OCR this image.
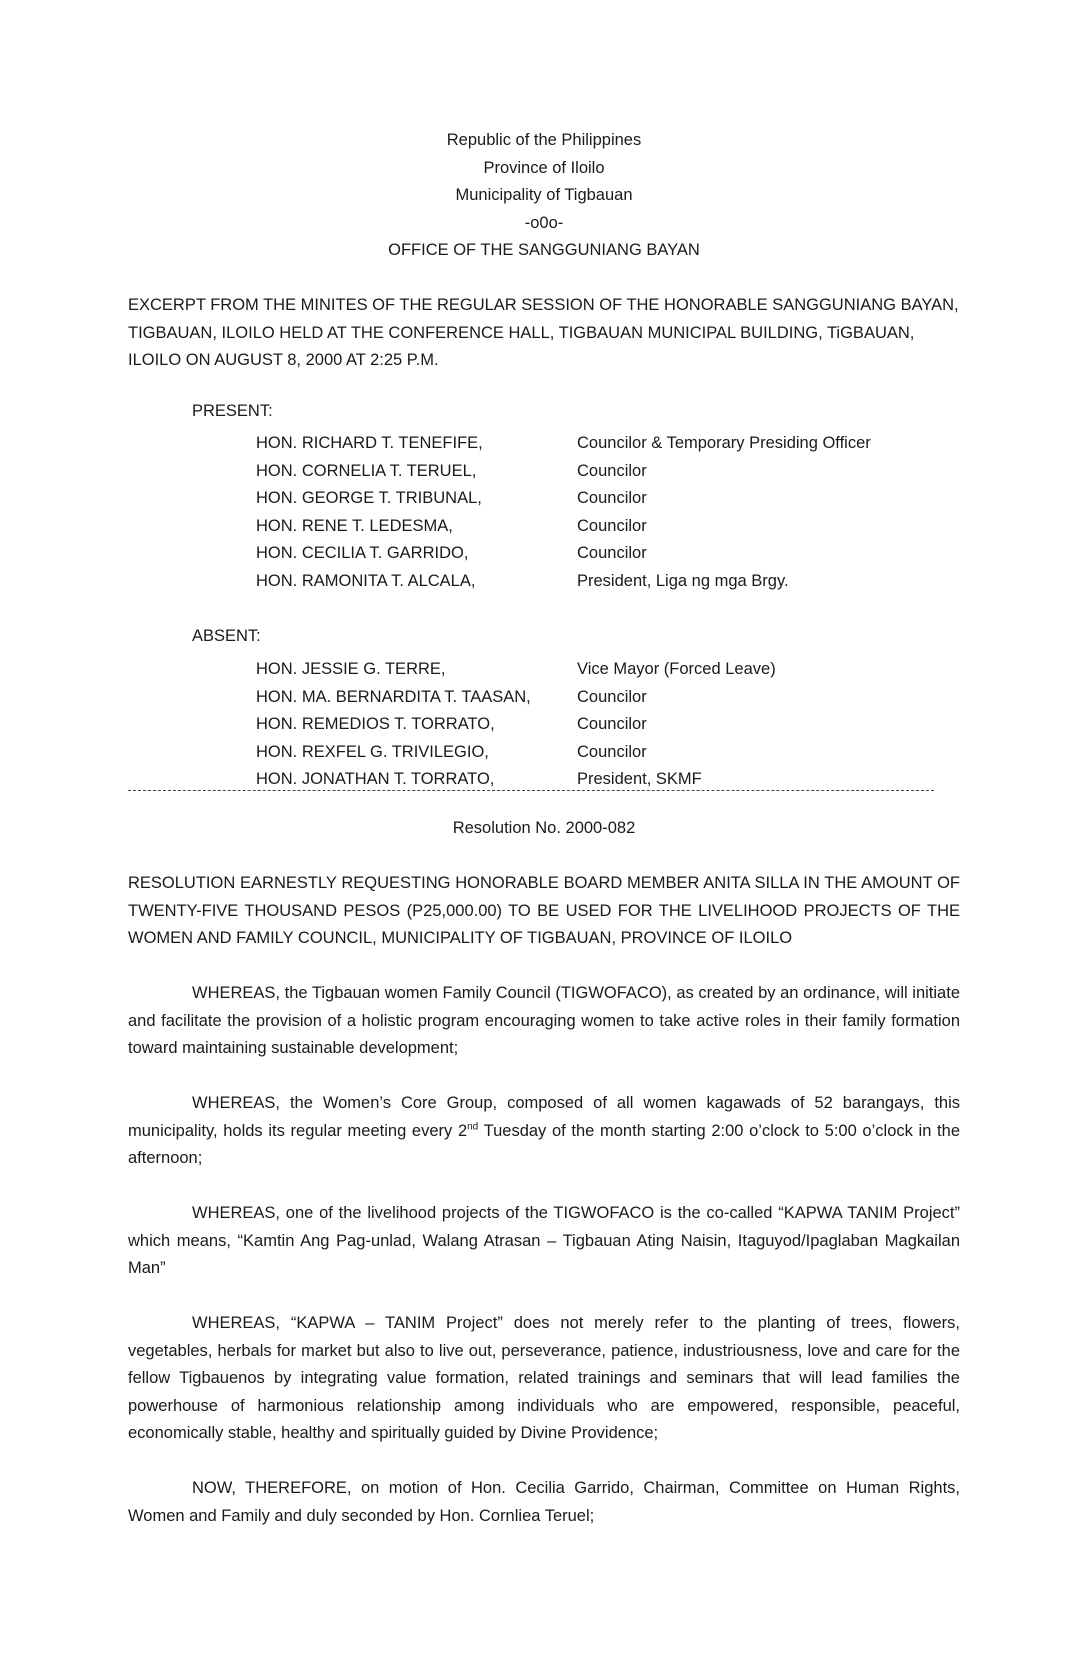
Republic of the Philippines
Province of Iloilo
Municipality of Tigbauan
-o0o-
OFFICE OF THE SANGGUNIANG BAYAN
EXCERPT FROM THE MINITES OF THE REGULAR SESSION OF THE HONORABLE SANGGUNIANG BAYAN, TIGBAUAN, ILOILO HELD AT THE CONFERENCE HALL, TIGBAUAN MUNICIPAL BUILDING, TiGBAUAN, ILOILO ON AUGUST 8, 2000 AT 2:25 P.M.
PRESENT:
HON. RICHARD T. TENEFIFE,	Councilor & Temporary Presiding Officer
HON. CORNELIA T. TERUEL,	Councilor
HON. GEORGE T. TRIBUNAL,	Councilor
HON. RENE T. LEDESMA,	Councilor
HON. CECILIA T. GARRIDO,	Councilor
HON. RAMONITA T. ALCALA,	President, Liga ng mga Brgy.
ABSENT:
HON. JESSIE G. TERRE,	Vice Mayor (Forced Leave)
HON. MA. BERNARDITA T. TAASAN,	Councilor
HON. REMEDIOS T. TORRATO,	Councilor
HON. REXFEL G. TRIVILEGIO,	Councilor
HON. JONATHAN T. TORRATO,	President, SKMF
Resolution No. 2000-082
RESOLUTION EARNESTLY REQUESTING HONORABLE BOARD MEMBER ANITA SILLA IN THE AMOUNT OF TWENTY-FIVE THOUSAND PESOS (P25,000.00) TO BE USED FOR THE LIVELIHOOD PROJECTS OF THE WOMEN AND FAMILY COUNCIL, MUNICIPALITY OF TIGBAUAN, PROVINCE OF ILOILO
WHEREAS, the Tigbauan women Family Council (TIGWOFACO), as created by an ordinance, will initiate and facilitate the provision of a holistic program encouraging women to take active roles in their family formation toward maintaining sustainable development;
WHEREAS, the Women’s Core Group, composed of all women kagawads of 52 barangays, this municipality, holds its regular meeting every 2nd Tuesday of the month starting 2:00 o’clock to 5:00 o’clock in the afternoon;
WHEREAS, one of the livelihood projects of the TIGWOFACO is the co-called “KAPWA TANIM Project” which means, “Kamtin Ang Pag-unlad, Walang Atrasan – Tigbauan Ating Naisin, Itaguyod/Ipaglaban Magkailan Man”
WHEREAS, “KAPWA – TANIM Project” does not merely refer to the planting of trees, flowers, vegetables, herbals for market but also to live out, perseverance, patience, industriousness, love and care for the fellow Tigbauenos by integrating value formation, related trainings and seminars that will lead families the powerhouse of harmonious relationship among individuals who are empowered, responsible, peaceful, economically stable, healthy and spiritually guided by Divine Providence;
NOW, THEREFORE, on motion of Hon. Cecilia Garrido, Chairman, Committee on Human Rights, Women and Family and duly seconded by Hon. Cornliea Teruel;
